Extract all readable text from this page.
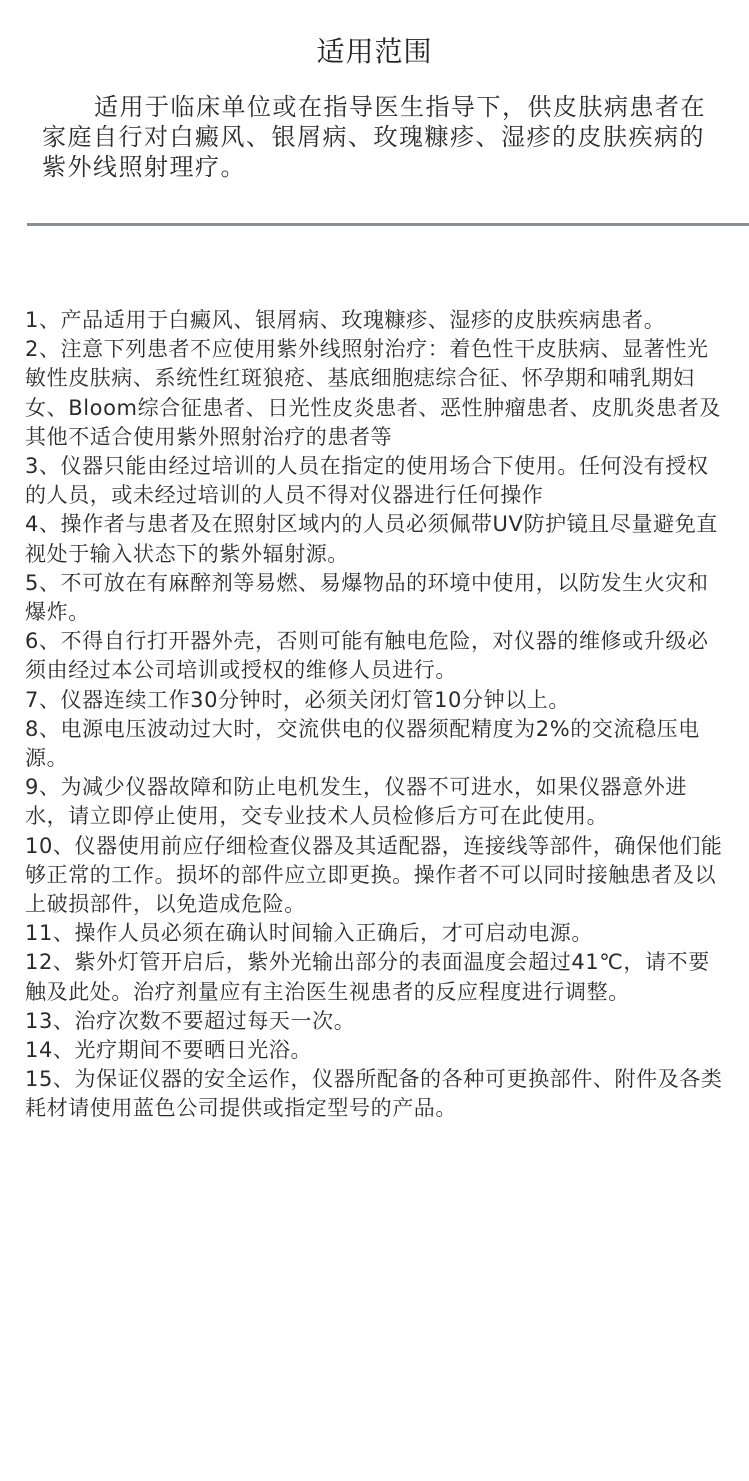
适用范围
适用于临床单位或在指导医生指导下，供皮肤病患者在家庭自行对白癜风、银屑病、玫瑰糠疹、湿疹的皮肤疾病的紫外线照射理疗。
1、产品适用于白癜风、银屑病、玫瑰糠疹、湿疹的皮肤疾病患者。
2、注意下列患者不应使用紫外线照射治疗：着色性干皮肤病、显著性光敏性皮肤病、系统性红斑狼疮、基底细胞痣综合征、怀孕期和哺乳期妇女、Bloom综合征患者、日光性皮炎患者、恶性肿瘤患者、皮肌炎患者及其他不适合使用紫外照射治疗的患者等
3、仪器只能由经过培训的人员在指定的使用场合下使用。任何没有授权的人员，或未经过培训的人员不得对仪器进行任何操作
4、操作者与患者及在照射区域内的人员必须佩带UV防护镜且尽量避免直视处于输入状态下的紫外辐射源。
5、不可放在有麻醉剂等易燃、易爆物品的环境中使用，以防发生火灾和爆炸。
6、不得自行打开器外壳，否则可能有触电危险，对仪器的维修或升级必须由经过本公司培训或授权的维修人员进行。
7、仪器连续工作30分钟时，必须关闭灯管10分钟以上。
8、电源电压波动过大时，交流供电的仪器须配精度为2%的交流稳压电源。
9、为减少仪器故障和防止电机发生，仪器不可进水，如果仪器意外进水，请立即停止使用，交专业技术人员检修后方可在此使用。
10、仪器使用前应仔细检查仪器及其适配器，连接线等部件，确保他们能够正常的工作。损坏的部件应立即更换。操作者不可以同时接触患者及以上破损部件，以免造成危险。
11、操作人员必须在确认时间输入正确后，才可启动电源。
12、紫外灯管开启后，紫外光输出部分的表面温度会超过41℃，请不要触及此处。治疗剂量应有主治医生视患者的反应程度进行调整。
13、治疗次数不要超过每天一次。
14、光疗期间不要晒日光浴。
15、为保证仪器的安全运作，仪器所配备的各种可更换部件、附件及各类耗材请使用蓝色公司提供或指定型号的产品。
